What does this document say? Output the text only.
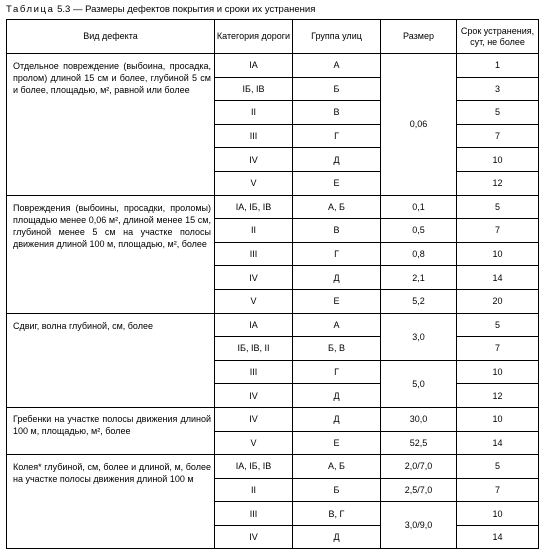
Таблица 5.3 — Размеры дефектов покрытия и сроки их устранения
Вид дефекта	Категория дороги	Группа улиц	Размер	Срок устранения, сут, не более
Отдельное повреждение (выбоина, просадка, пролом) длиной 15 см и более, глубиной 5 см и более, площадью, м², равной или более	IA	А	0,06	1
	IБ, IB	Б		3
	II	В		5
	III	Г		7
	IV	Д		10
	V	Е		12
Повреждения (выбоины, просадки, проломы) площадью менее 0,06 м², длиной менее 15 см, глубиной менее 5 см на участке полосы движения длиной 100 м, площадью, м², более	IA, IБ, IB	А, Б	0,1	5
	II	В	0,5	7
	III	Г	0,8	10
	IV	Д	2,1	14
	V	Е	5,2	20
Сдвиг, волна глубиной, см, более	IA	А	3,0	5
	IБ, IB, II	Б, В		7
	III	Г	5,0	10
	IV	Д		12
Гребенки на участке полосы движения длиной 100 м, площадью, м², более	IV	Д	30,0	10
	V	Е	52,5	14
Колея* глубиной, см, более и длиной, м, более на участке полосы движения длиной 100 м	IA, IБ, IB	А, Б	2,0/7,0	5
	II	Б	2,5/7,0	7
	III	В, Г	3,0/9,0	10
	IV	Д		14
